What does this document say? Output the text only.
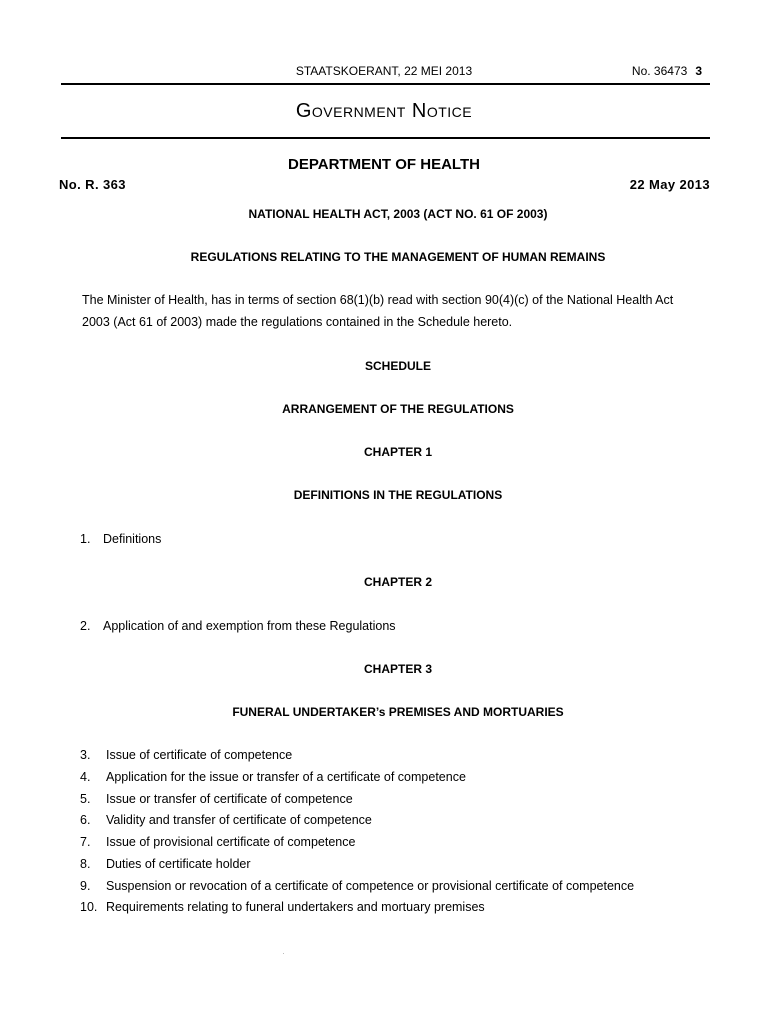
STAATSKOERANT, 22 MEI 2013	No. 36473 3
Government Notice
DEPARTMENT OF HEALTH
No. R. 363	22 May 2013
NATIONAL HEALTH ACT, 2003 (ACT NO. 61 OF 2003)
REGULATIONS RELATING TO THE MANAGEMENT OF HUMAN REMAINS
The Minister of Health, has in terms of section 68(1)(b) read with section 90(4)(c) of the National Health Act
2003 (Act 61 of 2003) made the regulations contained in the Schedule hereto.
SCHEDULE
ARRANGEMENT OF THE REGULATIONS
CHAPTER 1
DEFINITIONS IN THE REGULATIONS
1. Definitions
CHAPTER 2
2. Application of and exemption from these Regulations
CHAPTER 3
FUNERAL UNDERTAKER’s PREMISES AND MORTUARIES
3. Issue of certificate of competence
4. Application for the issue or transfer of a certificate of competence
5. Issue or transfer of certificate of competence
6. Validity and transfer of certificate of competence
7. Issue of provisional certificate of competence
8. Duties of certificate holder
9. Suspension or revocation of a certificate of competence or provisional certificate of competence
10. Requirements relating to funeral undertakers and mortuary premises
